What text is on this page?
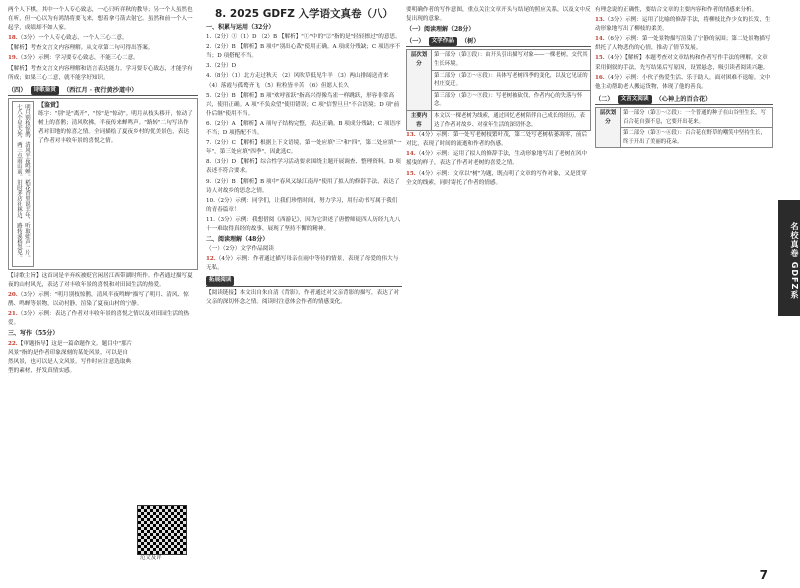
两个人下棋，其中一个人专心致志，一心只听弈秋的教导；另一个人虽然也在听，但一心以为有鸿鹄将要飞来，想着拿弓箭去射它。虽然和前一个人一起学，成绩却不如人家。

18.（3分）一个人专心致志，一个人三心二意。

【解析】考查文言文内容理解。从文章第二句可得出答案。

19.（3分）示例：学习要专心致志，不能三心二意。

【解析】考查文言文内容理解和语言表达能力。学习要专心致志，才能学有所成；如果三心二意，就不能学好知识。

（四）	诗歌鉴赏	（西江月 · 夜行黄沙道中）
明月别枝惊鹊，清风半夜鸣蝉。稻花香里说丰年，听取蛙声一片。七八个星天外，两三点雨山前。旧时茅店社林边，路转溪桥忽见。	【鉴赏】
练字："别"是"离开"，"惊"是"惊动"。明月从枝头移开，惊动了树上的喜鹊；清风吹拂，半夜传来蝉鸣声。"路转"二句写出作者对旧地的惊喜之情。全词描绘了夏夜乡村的优美景色，表达了作者对丰收年景的喜悦之情。

【诗歌主旨】这首词是辛弃疾被贬官闲居江西带湖时所作。作者通过描写夏夜的山村风光，表达了对丰收年景的喜悦和对田园生活的热爱。

20.（3分）示例："明月别枝惊鹊，清风半夜鸣蝉"描写了明月、清风、惊鹊、鸣蝉等景物，以动衬静，渲染了夏夜山村的宁静。

21.（3分）示例：表达了作者对丰收年景的喜悦之情以及对田园生活的热爱。

三、写作（55分）

22.【审题指导】这是一篇命题作文。题目中"那片风景"指的是作者印象深刻的某处风景，可以是自然风景，也可以是人文风景。写作时应注意选取典型的素材，抒发真情实感。

范文及评
8. 2025 GDFZ 入学语文真卷（八）

一、积累与运用（32分）

1.（2分）①（1）D （2）B 【解析】"①"中的"②"指的是"轻轻擦过"的意思。

2.（2分）B 【解析】B 项中"别出心裁"使用正确。A 项成分残缺；C 项语序不当；D 项搭配不当。

3.（2分）D

4.（8分）（1）北方走过秋天 （2）风吹草低见牛羊 （3）两山排闼送青来 （4）落霞与孤鹜齐飞 （5）粒粒皆辛苦 （6）但愿人长久

5.（2分）B 【解析】B 项"欢呼雀跃"指高兴得像鸟雀一样跳跃，形容非常高兴，使用正确。A 项"不负众望"使用错误；C 项"信誓旦旦"不合语境；D 项"前仆后继"使用不当。

6.（2分）A 【解析】A 项句子结构完整，表达正确。B 项成分残缺；C 项语序不当；D 项搭配不当。

7.（2分）C 【解析】根据上下文语境，第一处应填"三"和"四"，第二处应填"一年"，第三处应填"四季"，因此选C。

8.（3分）D 【解析】综合性学习活动要求围绕主题开展调查、整理资料。D 项表述不符合要求。

9.（2分）B 【解析】B 项中"春风又绿江南岸"使用了拟人的修辞手法，表达了诗人对故乡的思念之情。

10.（2分）示例：同学们，让我们珍惜时间，努力学习，用行动书写属于我们的青春篇章！

11.（3分）示例：我想借阅《西游记》，因为它讲述了唐僧师徒四人历经九九八十一难取得真经的故事，展现了坚持不懈的精神。

二、阅读理解（48分）

（一）（2分）文学作品阅读

12.（4分）示例：作者通过描写母亲在雨中等待的情景，表现了母爱的伟大与无私。

拓展阅读

【阅读链接】本文出自朱自清《背影》，作者通过对父亲背影的描写，表达了对父亲的深切怀念之情。阅读时注意体会作者的情感变化。

要明确作者的写作意图，重点关注文章开头与结尾的照应关系，以及文中反复出现的意象。

（一）阅读理解（28分）

（一）	文学作品	（树）
层次划分	第一部分（第①段）：由开头引出描写对象——一棵老树，交代其生长环境。
	第二部分（第②～⑥段）：具体写老树四季的变化，以及它见证的村庄变迁。
	第三部分（第⑦～⑨段）：写老树被砍伐，作者内心的失落与怀念。
主要内容	本文以一棵老树为线索，通过回忆老树陪伴自己成长的经历，表达了作者对故乡、对童年生活的深切怀念。

13.（4分）示例：第一处写老树枝繁叶茂，第二处写老树枯萎凋零，前后对比，表现了时间的流逝和作者的伤感。

14.（4分）示例：运用了拟人的修辞手法，生动形象地写出了老树在风中摇曳的样子，表达了作者对老树的喜爱之情。

15.（4分）示例：文章以"树"为题，既点明了文章的写作对象，又是贯穿全文的线索，同时寄托了作者的情感。

有理念说的正确性，要结合文章的主要内容和作者的情感来分析。

13.（3分）示例：运用了比喻的修辞手法，将柳枝比作少女的长发，生动形象地写出了柳枝的柔美。

14.（6分）示例：第一处景物描写渲染了宁静的氛围；第二处景物描写烘托了人物悲伤的心情，推动了情节发展。

15.（4分）【解析】本题考查对文章结构和作者写作手法的理解。文章采用倒叙的手法，先写结果后写原因，设置悬念，吸引读者阅读兴趣。

16.（4分）示例：小伙子热爱生活、乐于助人，面对困难不退缩。文中他主动帮助老人搬运货物，体现了他的善良。

（二）	文言文阅读	（心神上的百合花）
层次划分	第一部分（第①～②段）：一个普通的种子在山谷里生长，写百合花自强不息，它要开出花来。
第二部分（第③～⑥段）：百合花在野草的嘲笑中坚持生长，终于开出了美丽的花朵。
名校真卷 GDFZ系
7
